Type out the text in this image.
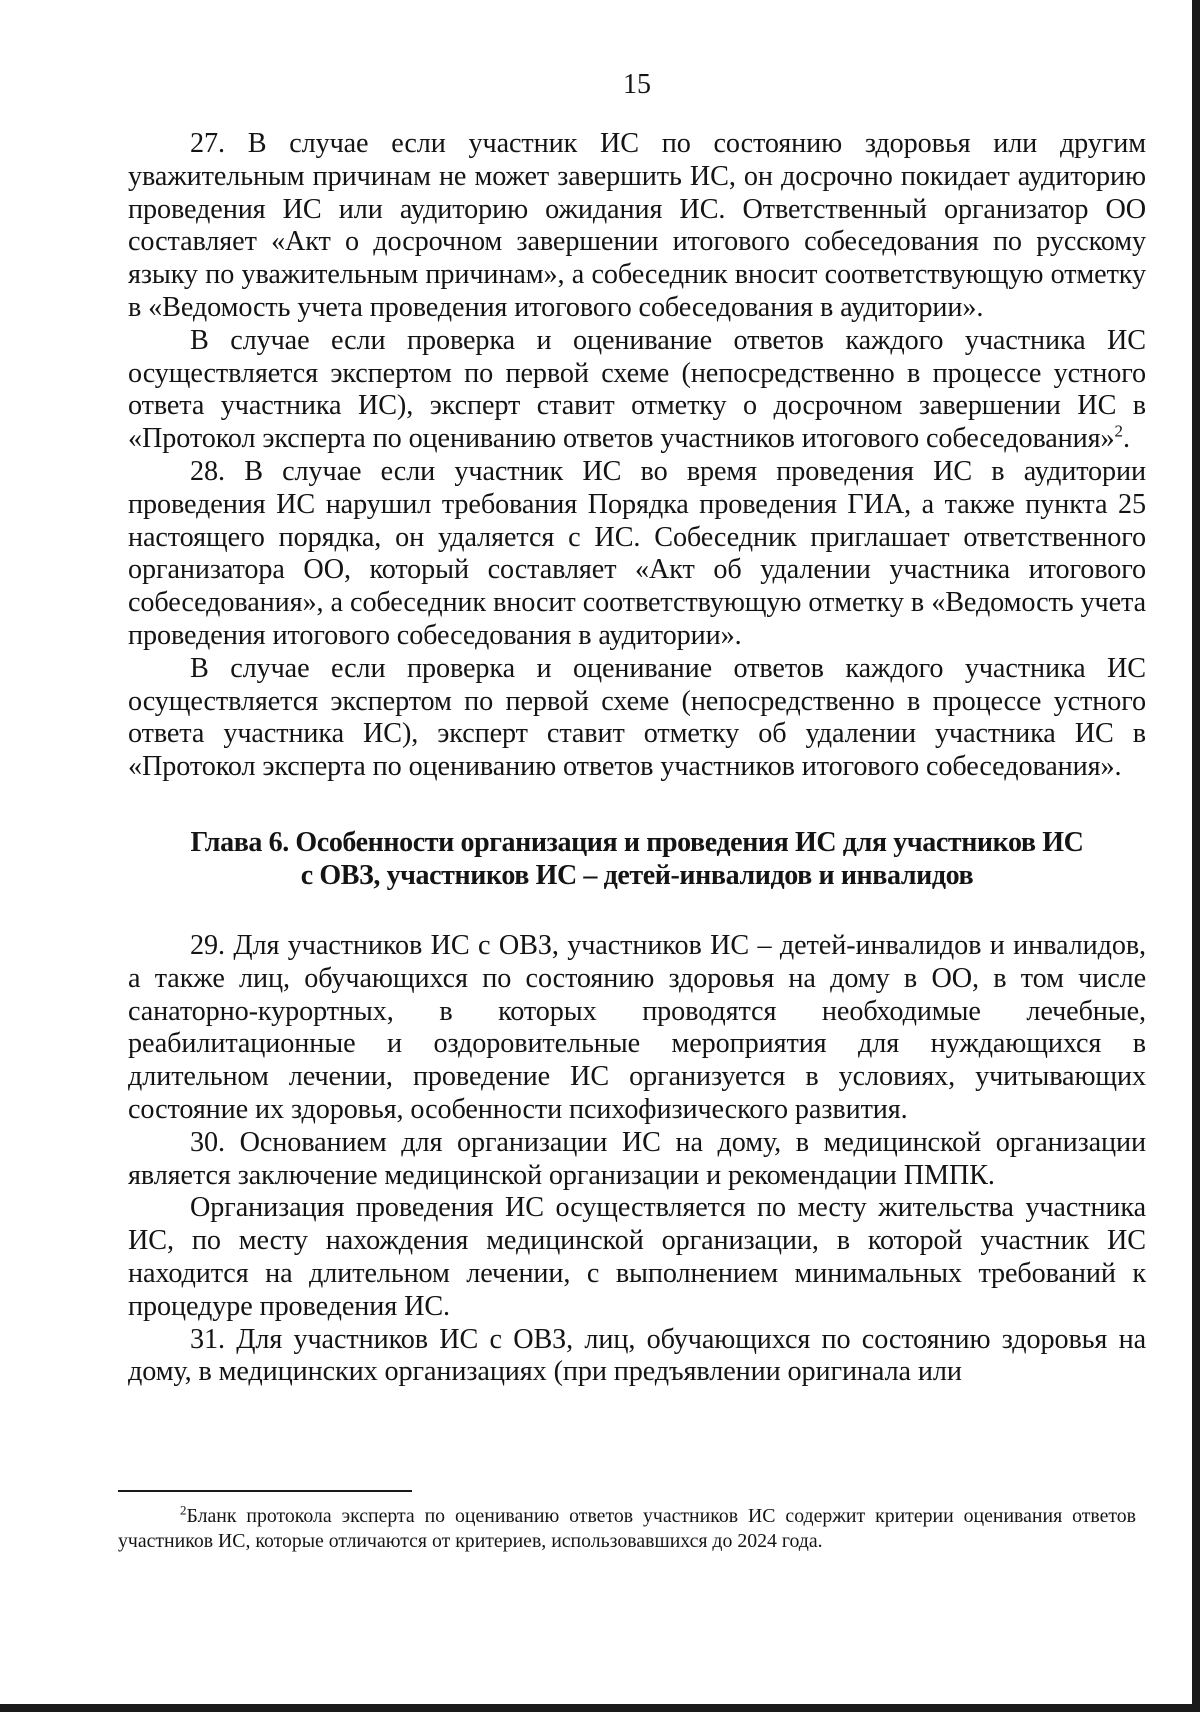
15

27. В случае если участник ИС по состоянию здоровья или другим уважительным причинам не может завершить ИС, он досрочно покидает аудиторию проведения ИС или аудиторию ожидания ИС. Ответственный организатор ОО составляет «Акт о досрочном завершении итогового собеседования по русскому языку по уважительным причинам», а собеседник вносит соответствующую отметку в «Ведомость учета проведения итогового собеседования в аудитории».

В случае если проверка и оценивание ответов каждого участника ИС осуществляется экспертом по первой схеме (непосредственно в процессе устного ответа участника ИС), эксперт ставит отметку о досрочном завершении ИС в «Протокол эксперта по оцениванию ответов участников итогового собеседования»$^2$.

28. В случае если участник ИС во время проведения ИС в аудитории проведения ИС нарушил требования Порядка проведения ГИА, а также пункта 25 настоящего порядка, он удаляется с ИС. Собеседник приглашает ответственного организатора ОО, который составляет «Акт об удалении участника итогового собеседования», а собеседник вносит соответствующую отметку в «Ведомость учета проведения итогового собеседования в аудитории».

В случае если проверка и оценивание ответов каждого участника ИС осуществляется экспертом по первой схеме (непосредственно в процессе устного ответа участника ИС), эксперт ставит отметку об удалении участника ИС в «Протокол эксперта по оцениванию ответов участников итогового собеседования».

Глава 6. Особенности организация и проведения ИС для участников ИС
с ОВЗ, участников ИС – детей-инвалидов и инвалидов

29. Для участников ИС с ОВЗ, участников ИС – детей-инвалидов и инвалидов, а также лиц, обучающихся по состоянию здоровья на дому в ОО, в том числе санаторно-курортных, в которых проводятся необходимые лечебные, реабилитационные и оздоровительные мероприятия для нуждающихся в длительном лечении, проведение ИС организуется в условиях, учитывающих состояние их здоровья, особенности психофизического развития.

30. Основанием для организации ИС на дому, в медицинской организации является заключение медицинской организации и рекомендации ПМПК.

Организация проведения ИС осуществляется по месту жительства участника ИС, по месту нахождения медицинской организации, в которой участник ИС находится на длительном лечении, с выполнением минимальных требований к процедуре проведения ИС.

31. Для участников ИС с ОВЗ, лиц, обучающихся по состоянию здоровья на дому, в медицинских организациях (при предъявлении оригинала или

$^2$Бланк протокола эксперта по оцениванию ответов участников ИС содержит критерии оценивания ответов участников ИС, которые отличаются от критериев, использовавшихся до 2024 года.
